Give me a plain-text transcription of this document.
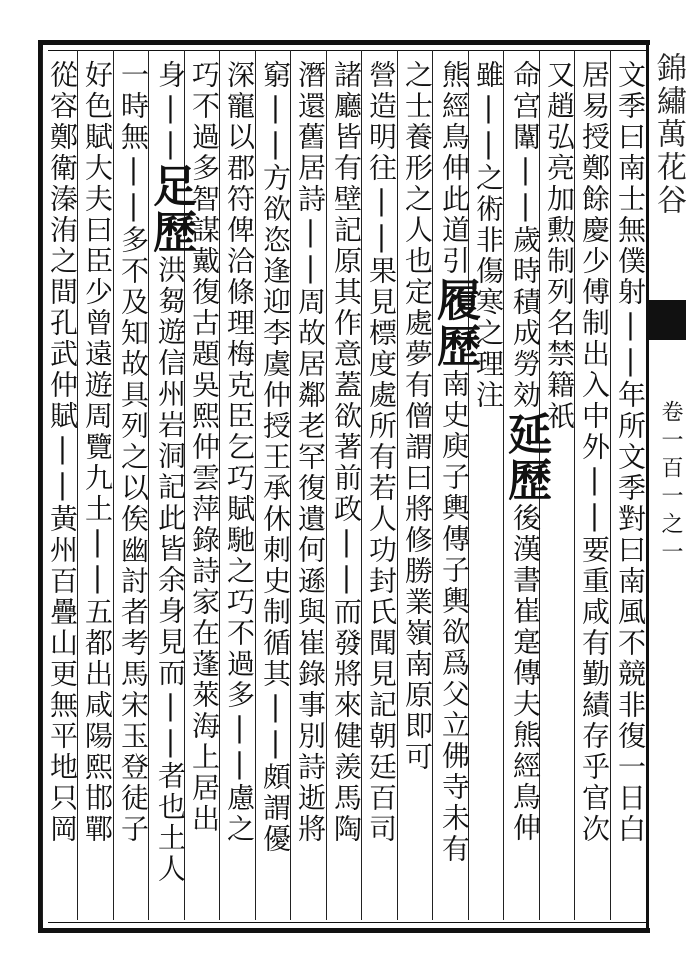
錦繡萬花谷
卷一百一之一
文季曰南士無僕射||年所文季對曰南風不競非復一日白
居易授鄭餘慶少傅制出入中外||要重咸有勤績存乎官次
又趙弘亮加勲制列名禁籍祇
命宫闈||歲時積成勞効延歷後漢書崔寔傳夫熊經鳥伸
雖||之術非傷寒之理注
熊經鳥伸此道引履歷南史庾子輿傳子輿欲爲父立佛寺未有
之士養形之人也定處夢有僧謂曰將修勝業嶺南原即可
營造明往||果見標度處所有若人功封氏聞見記朝廷百司
諸廳皆有壁記原其作意蓋欲著前政||而發將來健羨馬陶
潛還舊居詩||周故居鄰老罕復遺何遜與崔錄事別詩逝將
窮||方欲恣逢迎李虞仲授王承休刺史制循其||頗謂優
深寵以郡符俾洽條理梅克臣乞巧賦馳之巧不過多||慮之
巧不過多智謀戴復古題吳熙仲雲萍錄詩家在蓬萊海上居出
身||足歷洪芻遊信州岩洞記此皆余身見而||者也土人
一時無||多不及知故具列之以俟幽討者考馬宋玉登徒子
好色賦大夫曰臣少曾遠遊周覽九土||五都出咸陽熙邯鄲
從容鄭衛溱洧之間孔武仲賦||黃州百疊山更無平地只岡
